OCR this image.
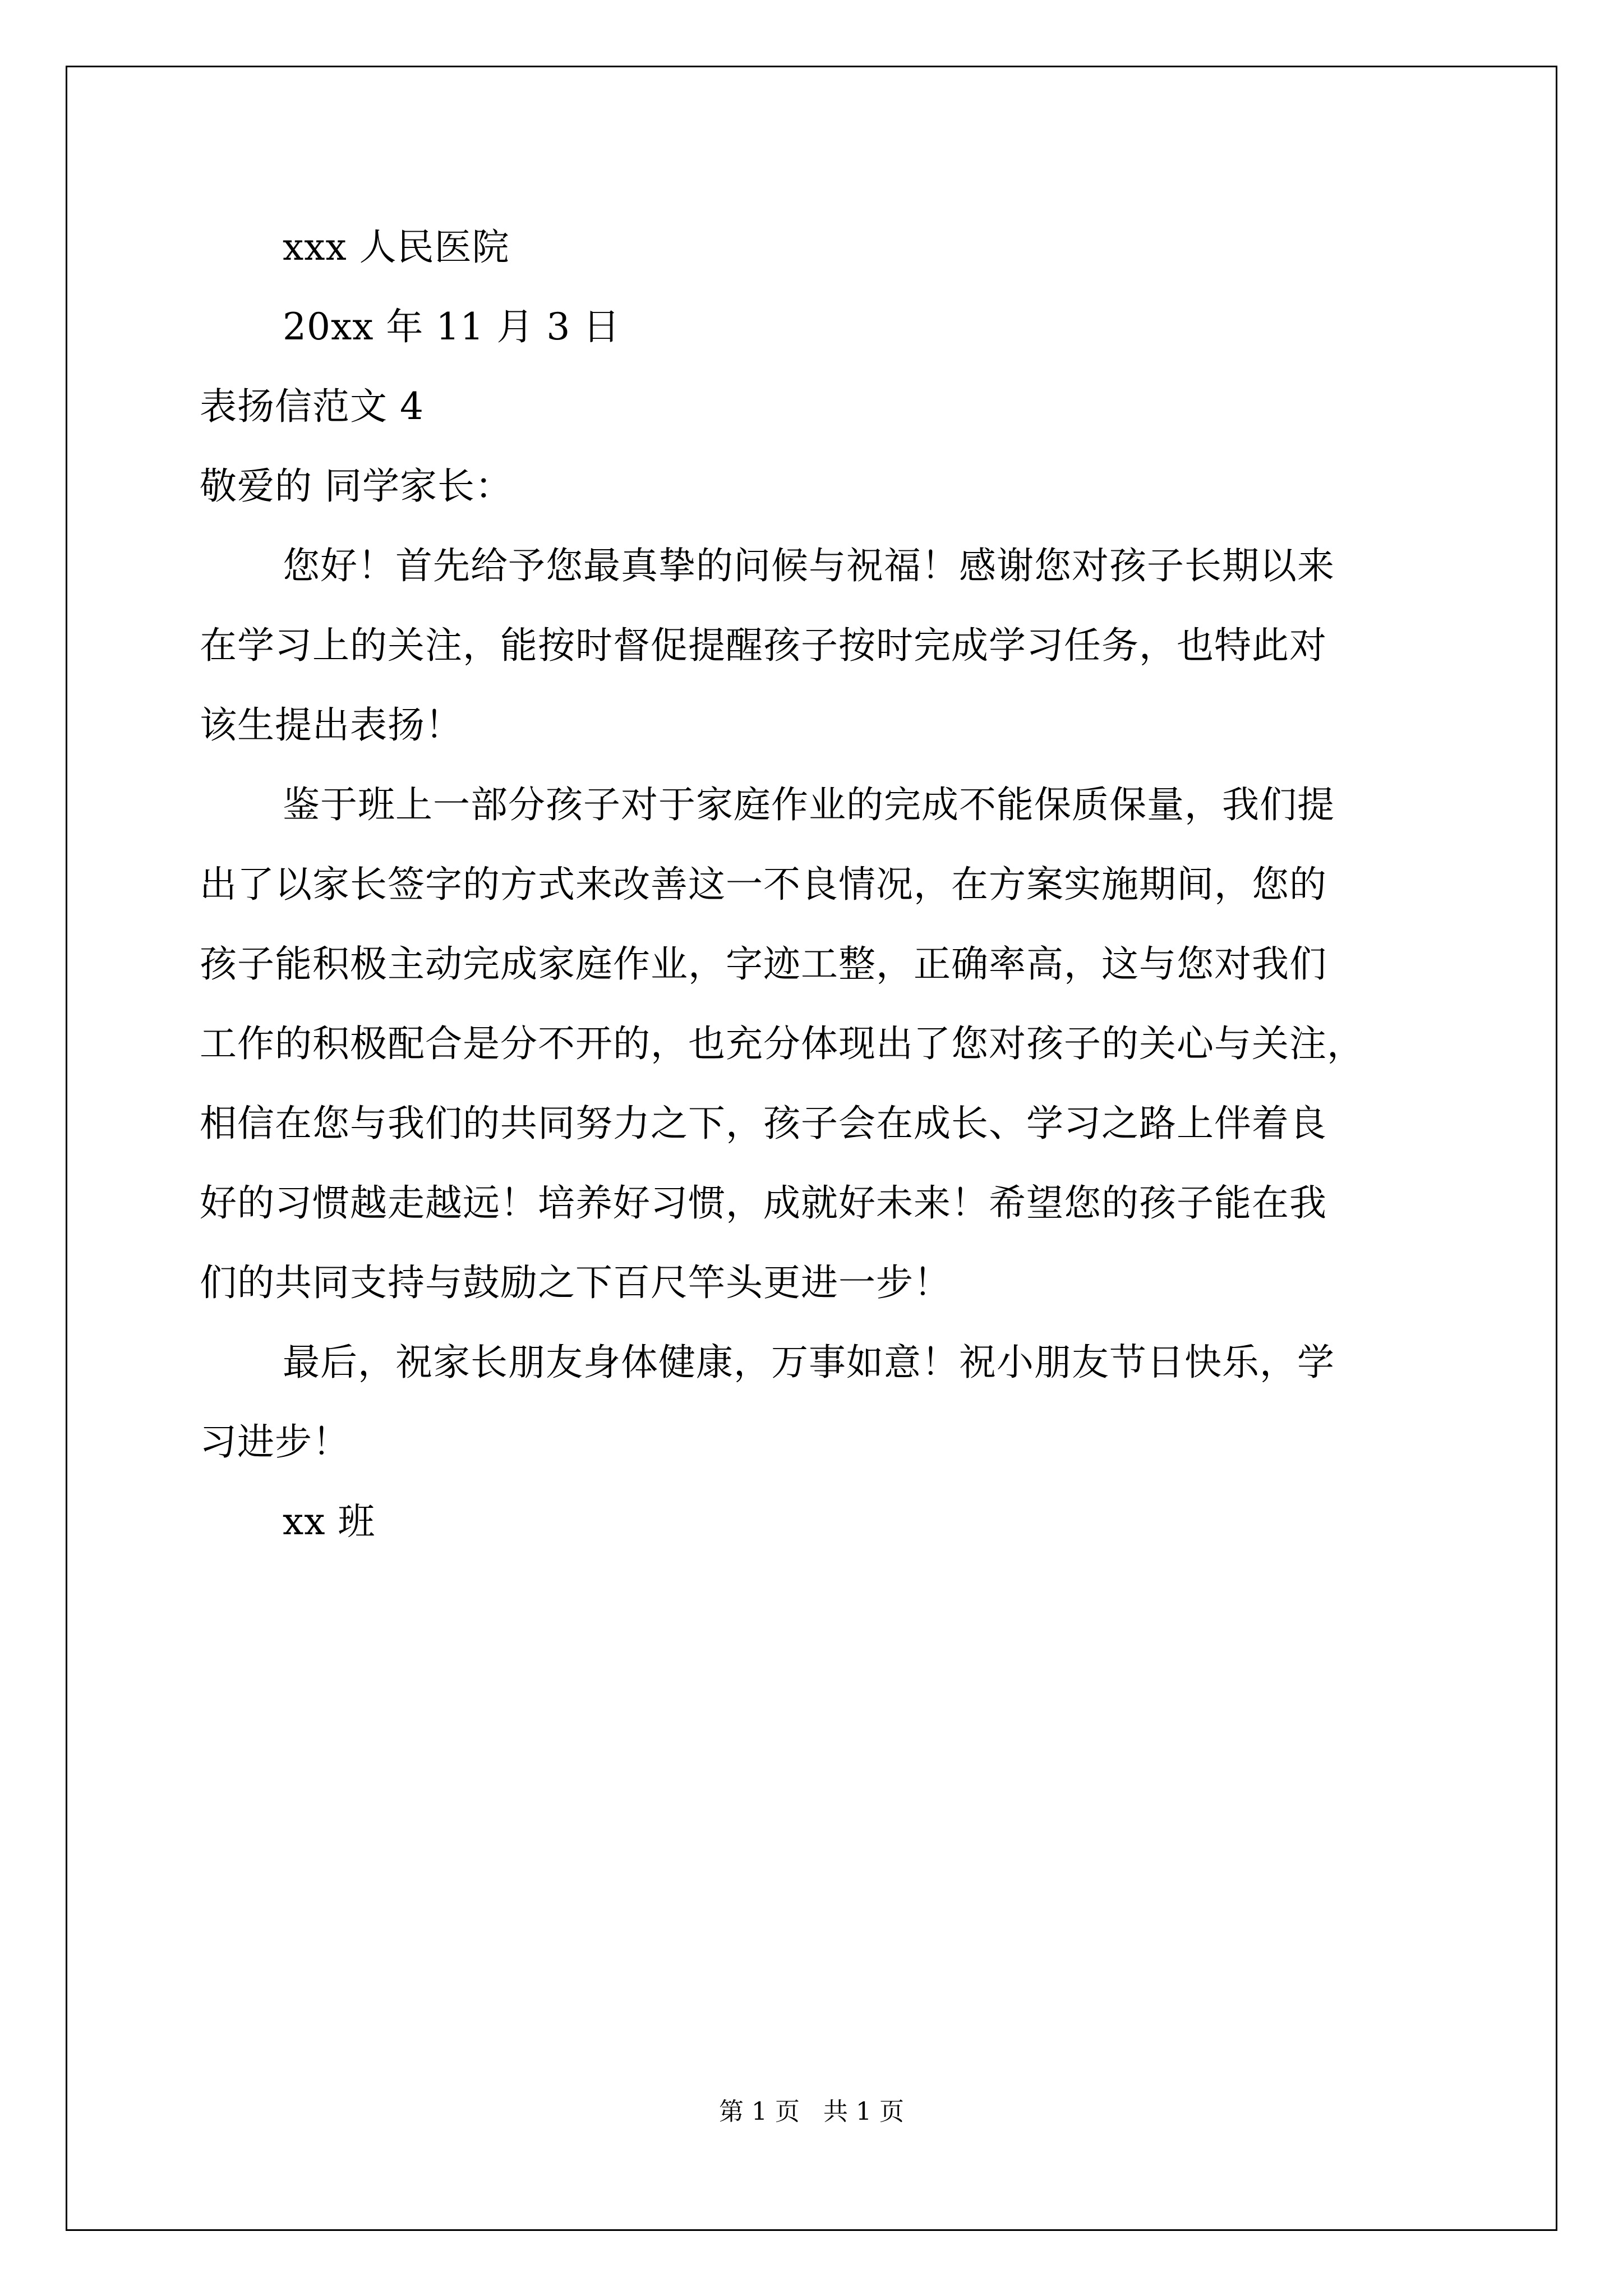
xxx 人民医院
20xx 年 11 月 3 日
表扬信范文 4
敬爱的 同学家长：
您好！首先给予您最真挚的问候与祝福！感谢您对孩子长期以来
在学习上的关注，能按时督促提醒孩子按时完成学习任务，也特此对
该生提出表扬！
鉴于班上一部分孩子对于家庭作业的完成不能保质保量，我们提
出了以家长签字的方式来改善这一不良情况，在方案实施期间，您的
孩子能积极主动完成家庭作业，字迹工整，正确率高，这与您对我们
工作的积极配合是分不开的，也充分体现出了您对孩子的关心与关注，
相信在您与我们的共同努力之下，孩子会在成长、学习之路上伴着良
好的习惯越走越远！培养好习惯，成就好未来！希望您的孩子能在我
们的共同支持与鼓励之下百尺竿头更进一步！
最后，祝家长朋友身体健康，万事如意！祝小朋友节日快乐，学
习进步！
xx 班
第 1 页   共 1 页
